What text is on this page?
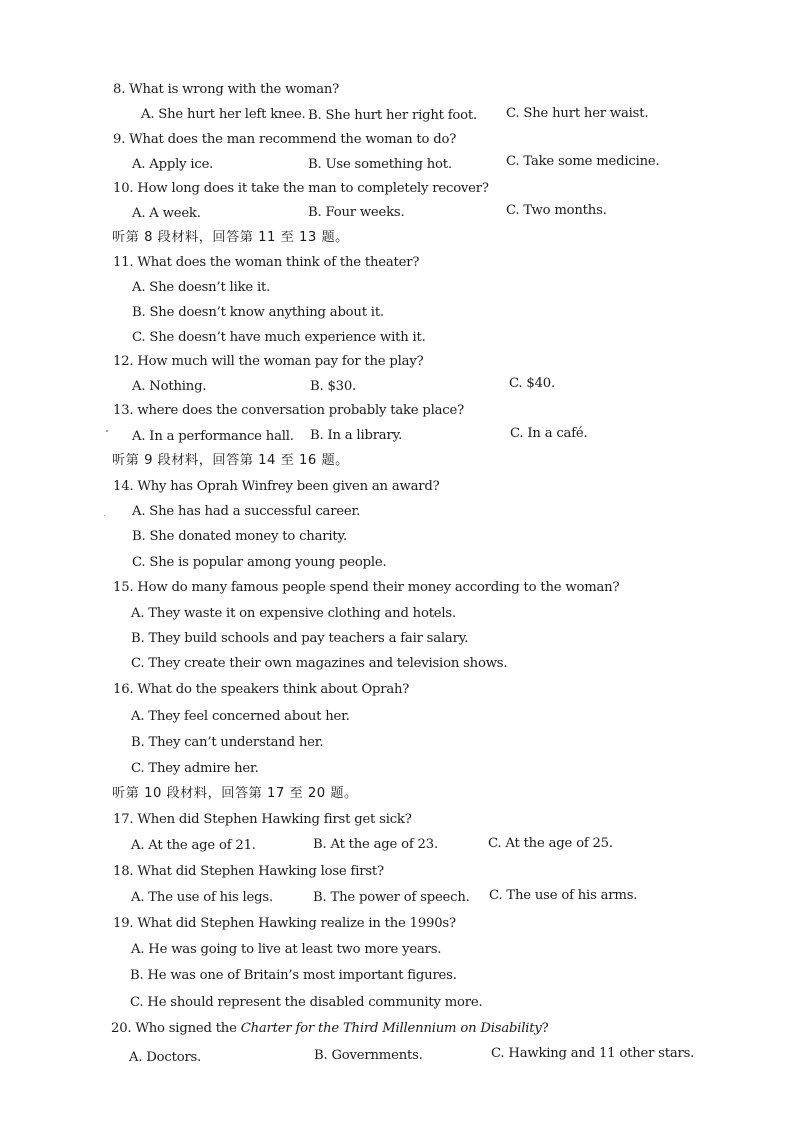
8. What is wrong with the woman?
A. She hurt her left knee. B. She hurt her right foot. C. She hurt her waist.
9. What does the man recommend the woman to do?
A. Apply ice.	B. Use something hot.	C. Take some medicine.
10. How long does it take the man to completely recover?
A. A week.	B. Four weeks.	C. Two months.
听第 8 段材料，回答第 11 至 13 题。
11. What does the woman think of the theater?
A. She doesn’t like it.
B. She doesn’t know anything about it.
C. She doesn’t have much experience with it.
12. How much will the woman pay for the play?
A. Nothing.	B. $30.	C. $40.
13. where does the conversation probably take place?
A. In a performance hall. B. In a library.	C. In a café.
听第 9 段材料，回答第 14 至 16 题。
14. Why has Oprah Winfrey been given an award?
A. She has had a successful career.
B. She donated money to charity.
C. She is popular among young people.
15. How do many famous people spend their money according to the woman?
A. They waste it on expensive clothing and hotels.
B. They build schools and pay teachers a fair salary.
C. They create their own magazines and television shows.
16. What do the speakers think about Oprah?
A. They feel concerned about her.
B. They can’t understand her.
C. They admire her.
听第 10 段材料，回答第 17 至 20 题。
17. When did Stephen Hawking first get sick?
A. At the age of 21.	B. At the age of 23.	C. At the age of 25.
18. What did Stephen Hawking lose first?
A. The use of his legs.	B. The power of speech. C. The use of his arms.
19. What did Stephen Hawking realize in the 1990s?
A. He was going to live at least two more years.
B. He was one of Britain’s most important figures.
C. He should represent the disabled community more.
20. Who signed the Charter for the Third Millennium on Disability?
A. Doctors.	B. Governments.	C. Hawking and 11 other stars.
